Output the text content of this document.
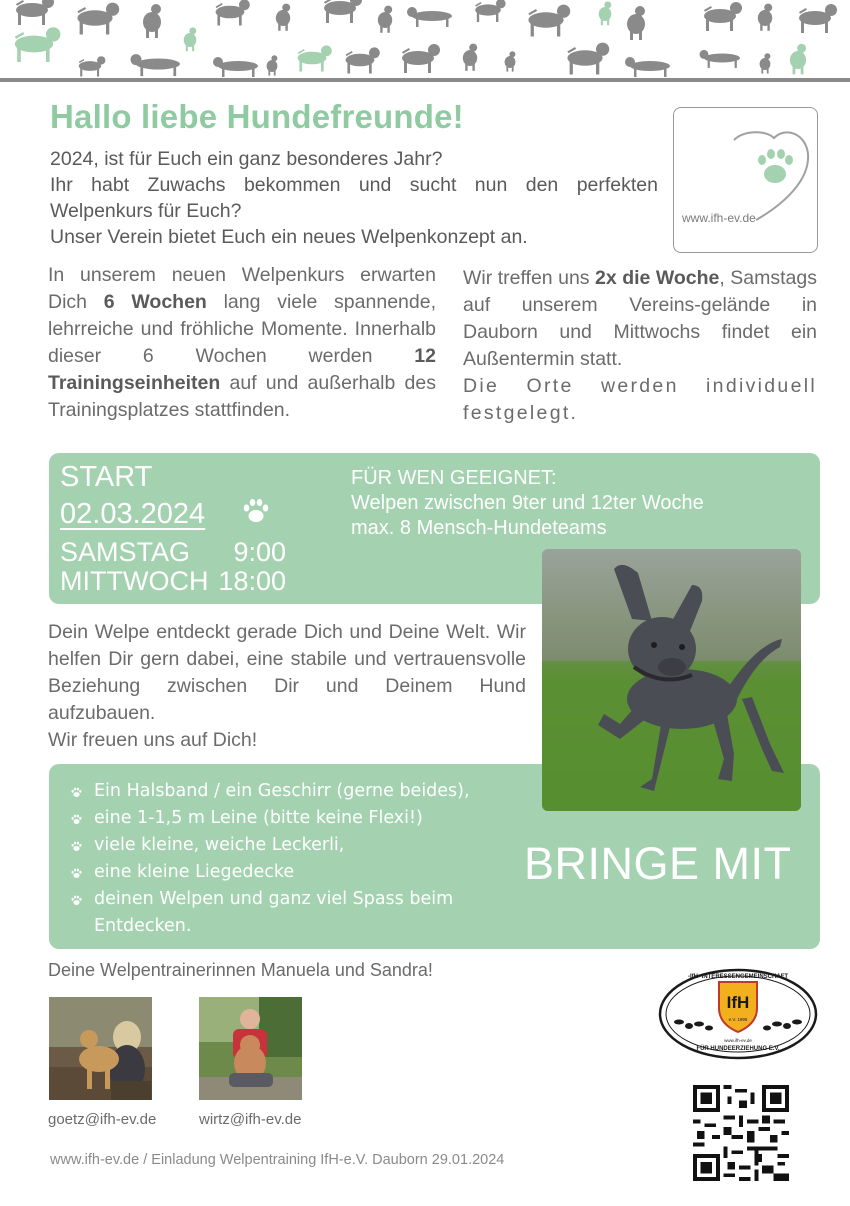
Hallo liebe Hundefreunde!

2024, ist für Euch ein ganz besonderes Jahr?

Ihr habt Zuwachs bekommen und sucht nun den perfekten

Welpenkurs für Euch?

Unser Verein bietet Euch ein neues Welpenkonzept an.

www.ifh-ev.de
In unserem neuen Welpenkurs erwarten Dich 6 Wochen lang viele spannende, lehrreiche und fröhliche Momente. Innerhalb dieser 6 Wochen werden 12 Trainingseinheiten auf und außerhalb des Trainingsplatzes stattfinden.

Wir treffen uns 2x die Woche, Samstags auf unserem Vereins-gelände in Dauborn und Mittwochs findet ein Außentermin statt.

Die Orte werden individuell festgelegt.

START
02.03.2024
SAMSTAG 9:00
MITTWOCH 18:00
FÜR WEN GEEIGNET:
Welpen zwischen 9ter und 12ter Woche
max. 8 Mensch-Hundeteams

Dein Welpe entdeckt gerade Dich und Deine Welt. Wir helfen Dir gern dabei, eine stabile und vertrauensvolle Beziehung zwischen Dir und Deinem Hund aufzubauen.

Wir freuen uns auf Dich!

Ein Halsband / ein Geschirr (gerne beides),
eine 1-1,5 m Leine (bitte keine Flexi!)
viele kleine, weiche Leckerli,
eine kleine Liegedecke
deinen Welpen und ganz viel Spass beim Entdecken.
BRINGE MIT
Deine Welpentrainerinnen Manuela und Sandra!
goetz@ifh-ev.de	wirtz@ifh-ev.de
www.ifh-ev.de / Einladung Welpentraining IfH-e.V. Dauborn 29.01.2024
IfH
e.V. 1995
-IfH- INTERESSENGEMEINSCHAFT
FÜR HUNDEERZIEHUNG E.V.
www.ifh-ev.de
